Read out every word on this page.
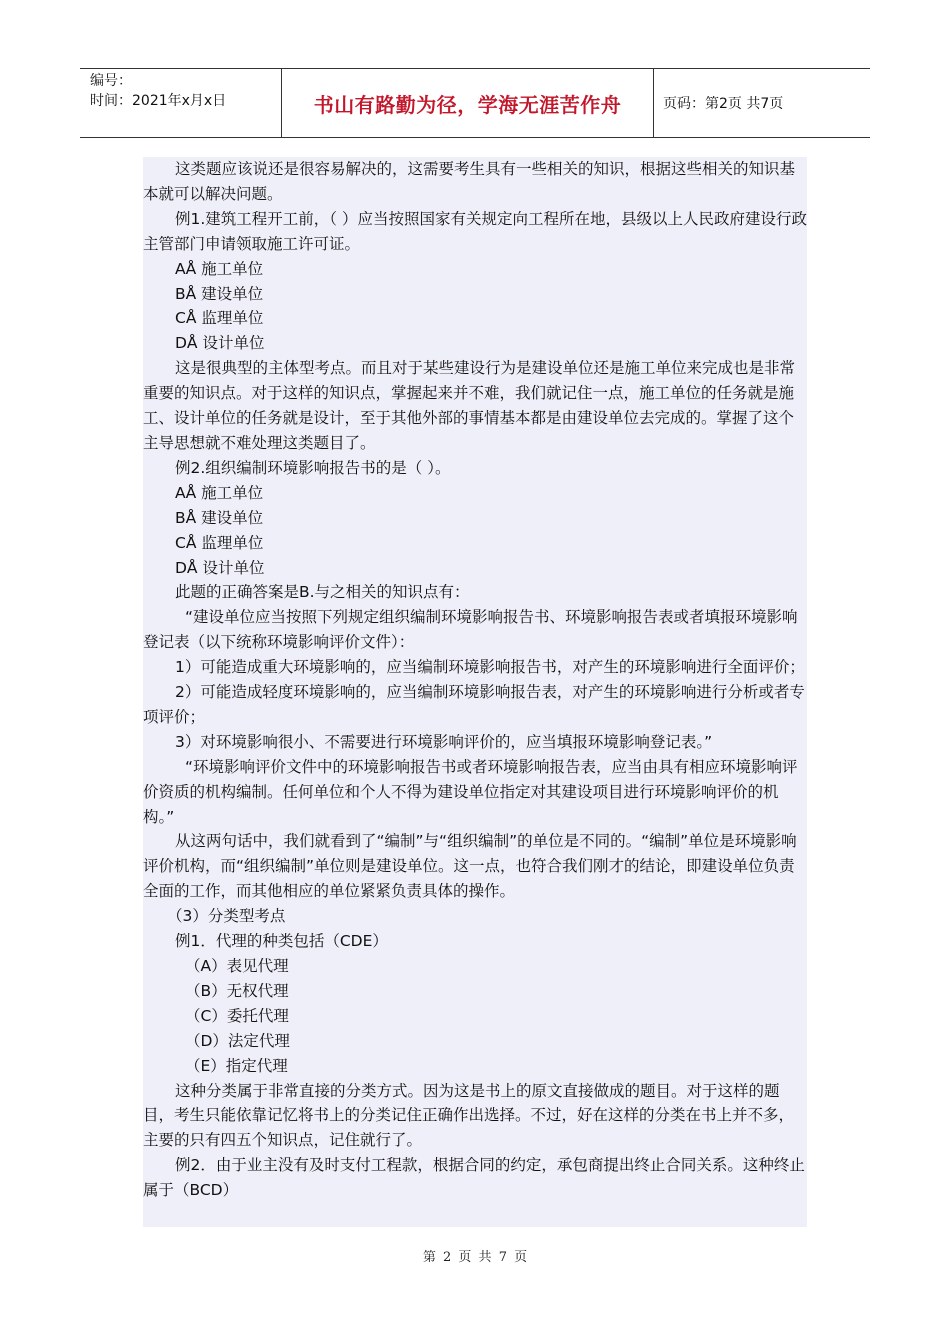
编号：
时间：2021年x月x日	书山有路勤为径，学海无涯苦作舟	页码：第2页 共7页

这类题应该说还是很容易解决的，这需要考生具有一些相关的知识，根据这些相关的知识基本就可以解决问题。

例1.建筑工程开工前，（ ）应当按照国家有关规定向工程所在地，县级以上人民政府建设行政主管部门申请领取施工许可证。

AÅ 施工单位

BÅ 建设单位

CÅ 监理单位

DÅ 设计单位

这是很典型的主体型考点。而且对于某些建设行为是建设单位还是施工单位来完成也是非常重要的知识点。对于这样的知识点，掌握起来并不难，我们就记住一点，施工单位的任务就是施工、设计单位的任务就是设计，至于其他外部的事情基本都是由建设单位去完成的。掌握了这个主导思想就不难处理这类题目了。

例2.组织编制环境影响报告书的是（ ）。

AÅ 施工单位

BÅ 建设单位

CÅ 监理单位

DÅ 设计单位

此题的正确答案是B.与之相关的知识点有：

“建设单位应当按照下列规定组织编制环境影响报告书、环境影响报告表或者填报环境影响登记表（以下统称环境影响评价文件）：

1）可能造成重大环境影响的，应当编制环境影响报告书，对产生的环境影响进行全面评价；

2）可能造成轻度环境影响的，应当编制环境影响报告表，对产生的环境影响进行分析或者专项评价；

3）对环境影响很小、不需要进行环境影响评价的，应当填报环境影响登记表。”

“环境影响评价文件中的环境影响报告书或者环境影响报告表，应当由具有相应环境影响评价资质的机构编制。任何单位和个人不得为建设单位指定对其建设项目进行环境影响评价的机构。”

从这两句话中，我们就看到了“编制”与“组织编制”的单位是不同的。“编制”单位是环境影响评价机构，而“组织编制”单位则是建设单位。这一点，也符合我们刚才的结论，即建设单位负责全面的工作，而其他相应的单位紧紧负责具体的操作。

（3）分类型考点

例1．代理的种类包括（CDE）

（A）表见代理

（B）无权代理

（C）委托代理

（D）法定代理

（E）指定代理

这种分类属于非常直接的分类方式。因为这是书上的原文直接做成的题目。对于这样的题目，考生只能依靠记忆将书上的分类记住正确作出选择。不过，好在这样的分类在书上并不多，主要的只有四五个知识点，记住就行了。

例2．由于业主没有及时支付工程款，根据合同的约定，承包商提出终止合同关系。这种终止属于（BCD）

第 2 页 共 7 页
